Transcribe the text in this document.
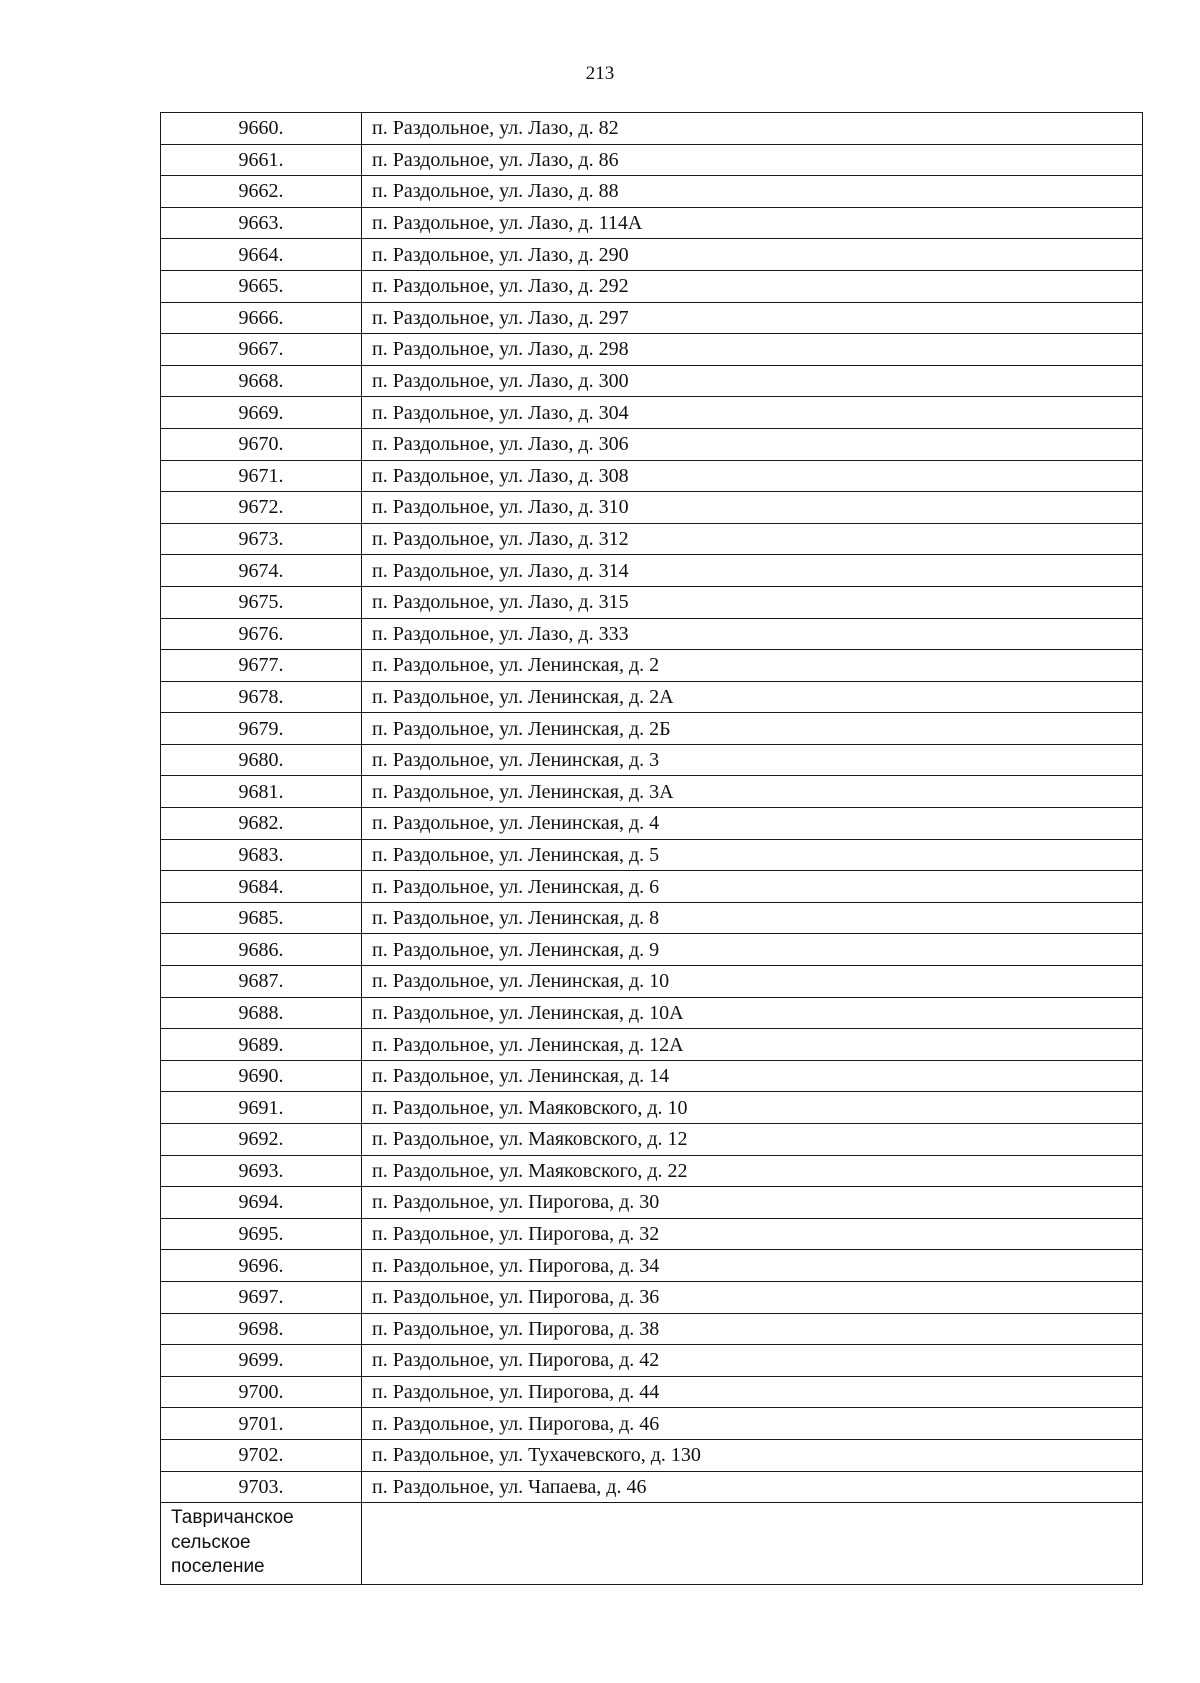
213
9660.	п. Раздольное, ул. Лазо, д. 82
9661.	п. Раздольное, ул. Лазо, д. 86
9662.	п. Раздольное, ул. Лазо, д. 88
9663.	п. Раздольное, ул. Лазо, д. 114А
9664.	п. Раздольное, ул. Лазо, д. 290
9665.	п. Раздольное, ул. Лазо, д. 292
9666.	п. Раздольное, ул. Лазо, д. 297
9667.	п. Раздольное, ул. Лазо, д. 298
9668.	п. Раздольное, ул. Лазо, д. 300
9669.	п. Раздольное, ул. Лазо, д. 304
9670.	п. Раздольное, ул. Лазо, д. 306
9671.	п. Раздольное, ул. Лазо, д. 308
9672.	п. Раздольное, ул. Лазо, д. 310
9673.	п. Раздольное, ул. Лазо, д. 312
9674.	п. Раздольное, ул. Лазо, д. 314
9675.	п. Раздольное, ул. Лазо, д. 315
9676.	п. Раздольное, ул. Лазо, д. 333
9677.	п. Раздольное, ул. Ленинская, д. 2
9678.	п. Раздольное, ул. Ленинская, д. 2А
9679.	п. Раздольное, ул. Ленинская, д. 2Б
9680.	п. Раздольное, ул. Ленинская, д. 3
9681.	п. Раздольное, ул. Ленинская, д. 3А
9682.	п. Раздольное, ул. Ленинская, д. 4
9683.	п. Раздольное, ул. Ленинская, д. 5
9684.	п. Раздольное, ул. Ленинская, д. 6
9685.	п. Раздольное, ул. Ленинская, д. 8
9686.	п. Раздольное, ул. Ленинская, д. 9
9687.	п. Раздольное, ул. Ленинская, д. 10
9688.	п. Раздольное, ул. Ленинская, д. 10А
9689.	п. Раздольное, ул. Ленинская, д. 12А
9690.	п. Раздольное, ул. Ленинская, д. 14
9691.	п. Раздольное, ул. Маяковского, д. 10
9692.	п. Раздольное, ул. Маяковского, д. 12
9693.	п. Раздольное, ул. Маяковского, д. 22
9694.	п. Раздольное, ул. Пирогова, д. 30
9695.	п. Раздольное, ул. Пирогова, д. 32
9696.	п. Раздольное, ул. Пирогова, д. 34
9697.	п. Раздольное, ул. Пирогова, д. 36
9698.	п. Раздольное, ул. Пирогова, д. 38
9699.	п. Раздольное, ул. Пирогова, д. 42
9700.	п. Раздольное, ул. Пирогова, д. 44
9701.	п. Раздольное, ул. Пирогова, д. 46
9702.	п. Раздольное, ул. Тухачевского, д. 130
9703.	п. Раздольное, ул. Чапаева, д. 46

Тавричанское
сельское
поселение	
